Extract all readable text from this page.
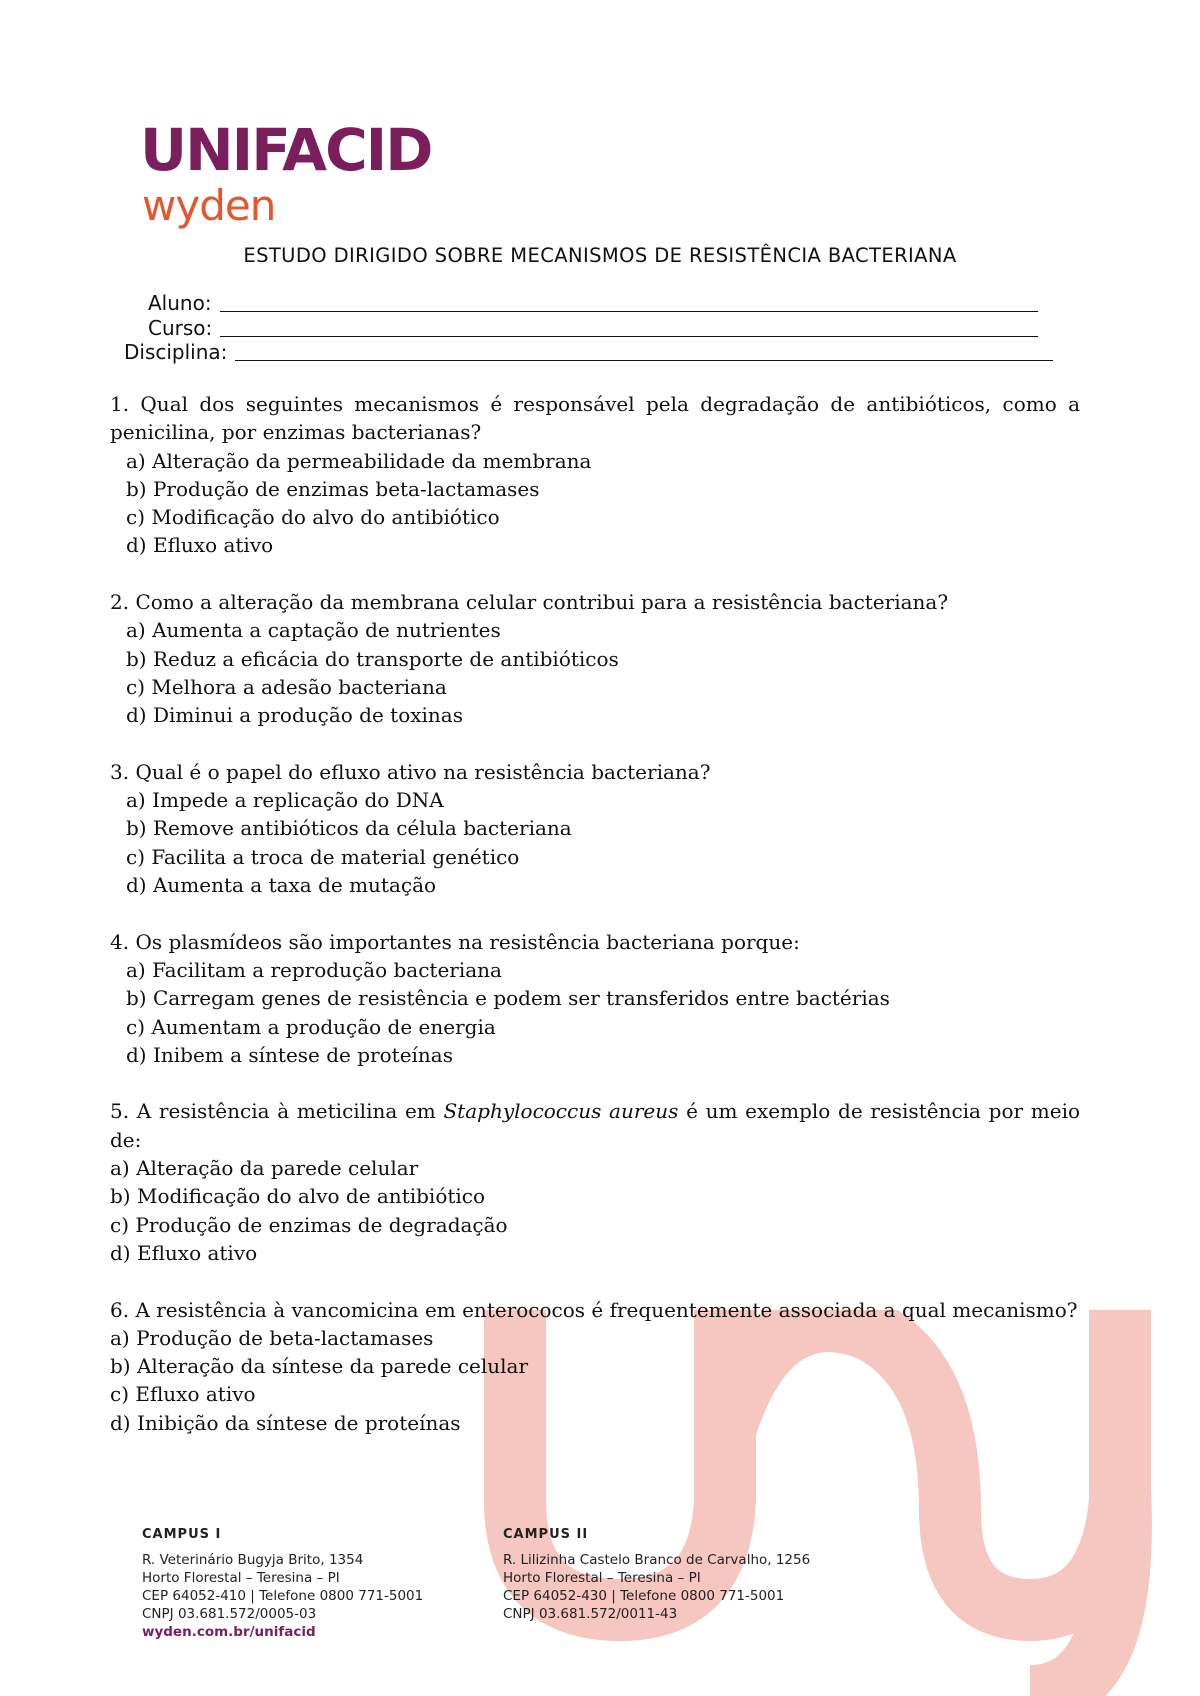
UNIFACID
wyden
ESTUDO DIRIGIDO SOBRE MECANISMOS DE RESISTÊNCIA BACTERIANA
Aluno:
Curso:
Disciplina:
1. Qual dos seguintes mecanismos é responsável pela degradação de antibióticos, como a penicilina, por enzimas bacterianas?
a) Alteração da permeabilidade da membrana
b) Produção de enzimas beta-lactamases
c) Modificação do alvo do antibiótico
d) Efluxo ativo
2. Como a alteração da membrana celular contribui para a resistência bacteriana?
a) Aumenta a captação de nutrientes
b) Reduz a eficácia do transporte de antibióticos
c) Melhora a adesão bacteriana
d) Diminui a produção de toxinas
3. Qual é o papel do efluxo ativo na resistência bacteriana?
a) Impede a replicação do DNA
b) Remove antibióticos da célula bacteriana
c) Facilita a troca de material genético
d) Aumenta a taxa de mutação
4. Os plasmídeos são importantes na resistência bacteriana porque:
a) Facilitam a reprodução bacteriana
b) Carregam genes de resistência e podem ser transferidos entre bactérias
c) Aumentam a produção de energia
d) Inibem a síntese de proteínas
5. A resistência à meticilina em Staphylococcus aureus é um exemplo de resistência por meio de:
a) Alteração da parede celular
b) Modificação do alvo de antibiótico
c) Produção de enzimas de degradação
d) Efluxo ativo
6. A resistência à vancomicina em enterococos é frequentemente associada a qual mecanismo?
a) Produção de beta-lactamases
b) Alteração da síntese da parede celular
c) Efluxo ativo
d) Inibição da síntese de proteínas
CAMPUS I
R. Veterinário Bugyja Brito, 1354
Horto Florestal – Teresina – PI
CEP 64052-410 | Telefone 0800 771-5001
CNPJ 03.681.572/0005-03
wyden.com.br/unifacid
CAMPUS II
R. Lilizinha Castelo Branco de Carvalho, 1256
Horto Florestal – Teresina – PI
CEP 64052-430 | Telefone 0800 771-5001
CNPJ 03.681.572/0011-43
